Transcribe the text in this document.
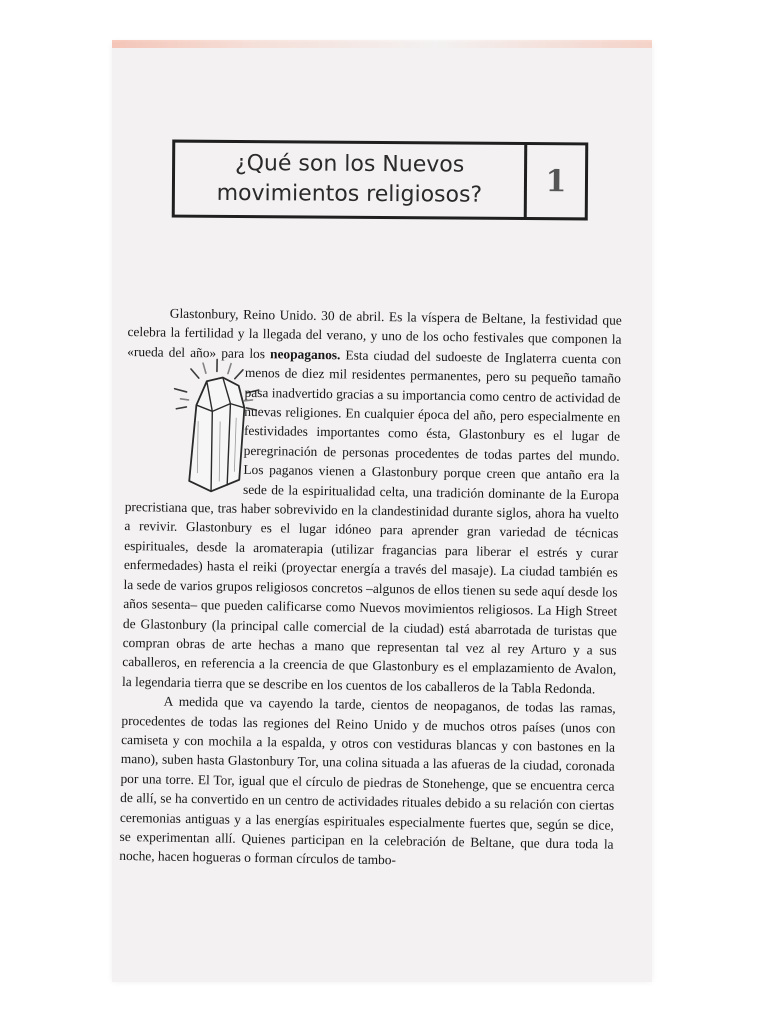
¿Qué son los Nuevos
movimientos religiosos?	1

Glastonbury, Reino Unido. 30 de abril. Es la víspera de Beltane, la festividad que celebra la fertilidad y la llegada del verano, y uno de los ocho festivales que componen la «rueda del año» para los neopaganos.
Esta ciudad del sudoeste de Inglaterra cuenta con menos de diez mil residentes permanentes, pero su pequeño tamaño pasa inadvertido gracias a su importancia como centro de actividad de nuevas religiones. En cualquier época del año, pero especialmente en festividades importantes como ésta, Glastonbury es el lugar de peregrinación de personas procedentes de todas partes del mundo. Los paganos vienen a Glastonbury porque creen que antaño era la sede de la espiritualidad celta, una tradición dominante de la Europa precristiana que, tras haber sobrevivido en la clandestinidad durante siglos, ahora ha vuelto a revivir. Glastonbury es el lugar idóneo para aprender gran variedad de técnicas espirituales, desde la aromaterapia (utilizar fragancias para liberar el estrés y curar enfermedades) hasta el reiki (proyectar energía a través del masaje). La ciudad también es la sede de varios grupos religiosos concretos –algunos de ellos tienen su sede aquí desde los años sesenta– que pueden calificarse como Nuevos movimientos religiosos. La High Street de Glastonbury (la principal calle comercial de la ciudad) está abarrotada de turistas que compran obras de arte hechas a mano que representan tal vez al rey Arturo y a sus caballeros, en referencia a la creencia de que Glastonbury es el emplazamiento de Avalon, la legendaria tierra que se describe en los cuentos de los caballeros de la Tabla Redonda.

A medida que va cayendo la tarde, cientos de neopaganos, de todas las ramas, procedentes de todas las regiones del Reino Unido y de muchos otros países (unos con camiseta y con mochila a la espalda, y otros con vestiduras blancas y con bastones en la mano), suben hasta Glastonbury Tor, una colina situada a las afueras de la ciudad, coronada por una torre. El Tor, igual que el círculo de piedras de Stonehenge, que se encuentra cerca de allí, se ha convertido en un centro de actividades rituales debido a su relación con ciertas ceremonias antiguas y a las energías espirituales especialmente fuertes que, según se dice, se experimentan allí. Quienes participan en la celebración de Beltane, que dura toda la noche, hacen hogueras o forman círculos de tambo-
